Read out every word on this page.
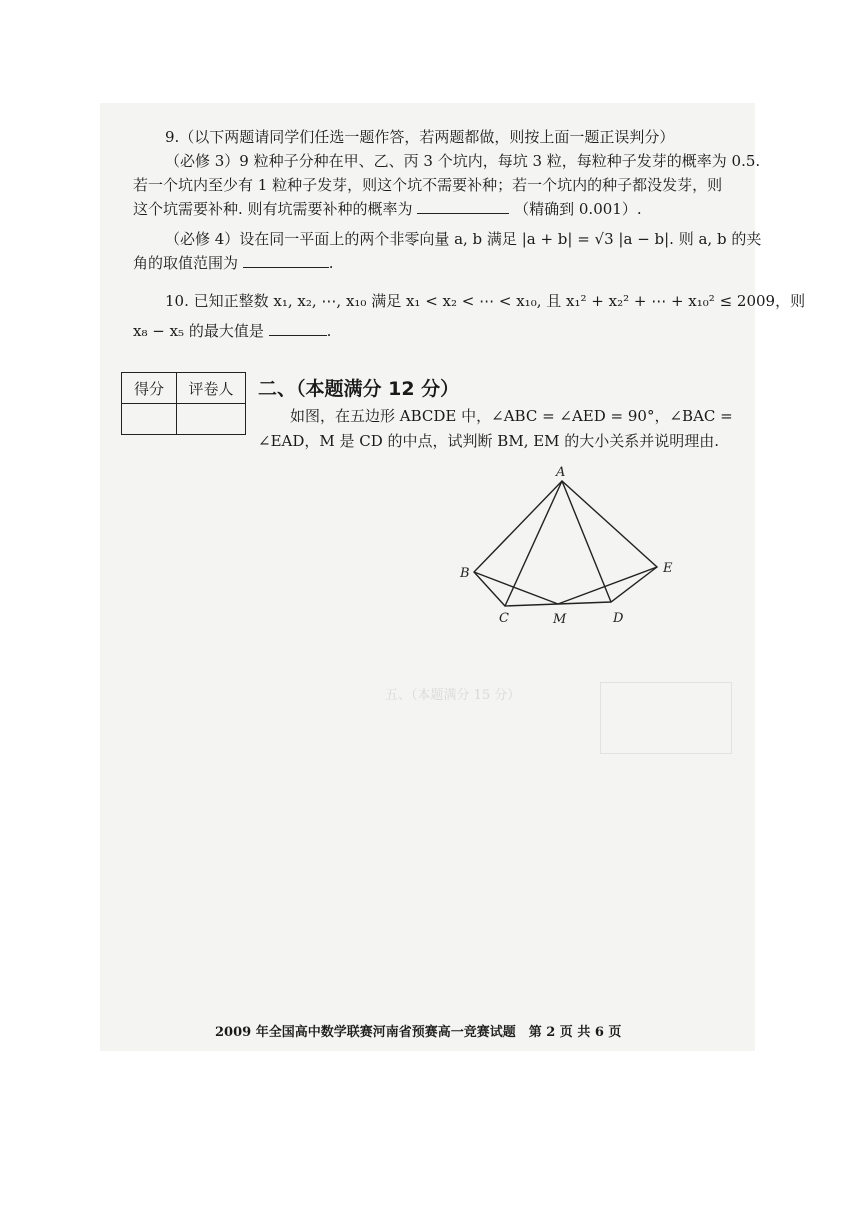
五、（本题满分 15 分）
9.（以下两题请同学们任选一题作答，若两题都做，则按上面一题正误判分）
（必修 3）9 粒种子分种在甲、乙、丙 3 个坑内，每坑 3 粒，每粒种子发芽的概率为 0.5.
若一个坑内至少有 1 粒种子发芽，则这个坑不需要补种；若一个坑内的种子都没发芽，则
这个坑需要补种. 则有坑需要补种的概率为	（精确到 0.001）.
（必修 4）设在同一平面上的两个非零向量 a, b 满足 |a + b| = √3 |a − b|. 则 a, b 的夹
角的取值范围为	.
10. 已知正整数 x₁, x₂, ⋯, x₁₀ 满足 x₁ < x₂ < ⋯ < x₁₀, 且 x₁² + x₂² + ⋯ + x₁₀² ≤ 2009，则
x₈ − x₅ 的最大值是	.
得分	评卷人
	二、（本题满分 12 分）
如图，在五边形 ABCDE 中，∠ABC = ∠AED = 90°，∠BAC =
∠EAD，M 是 CD 的中点，试判断 BM, EM 的大小关系并说明理由.
A
B
C	M	D
E
2009 年全国高中数学联赛河南省预赛高一竞赛试题　第 2 页 共 6 页
